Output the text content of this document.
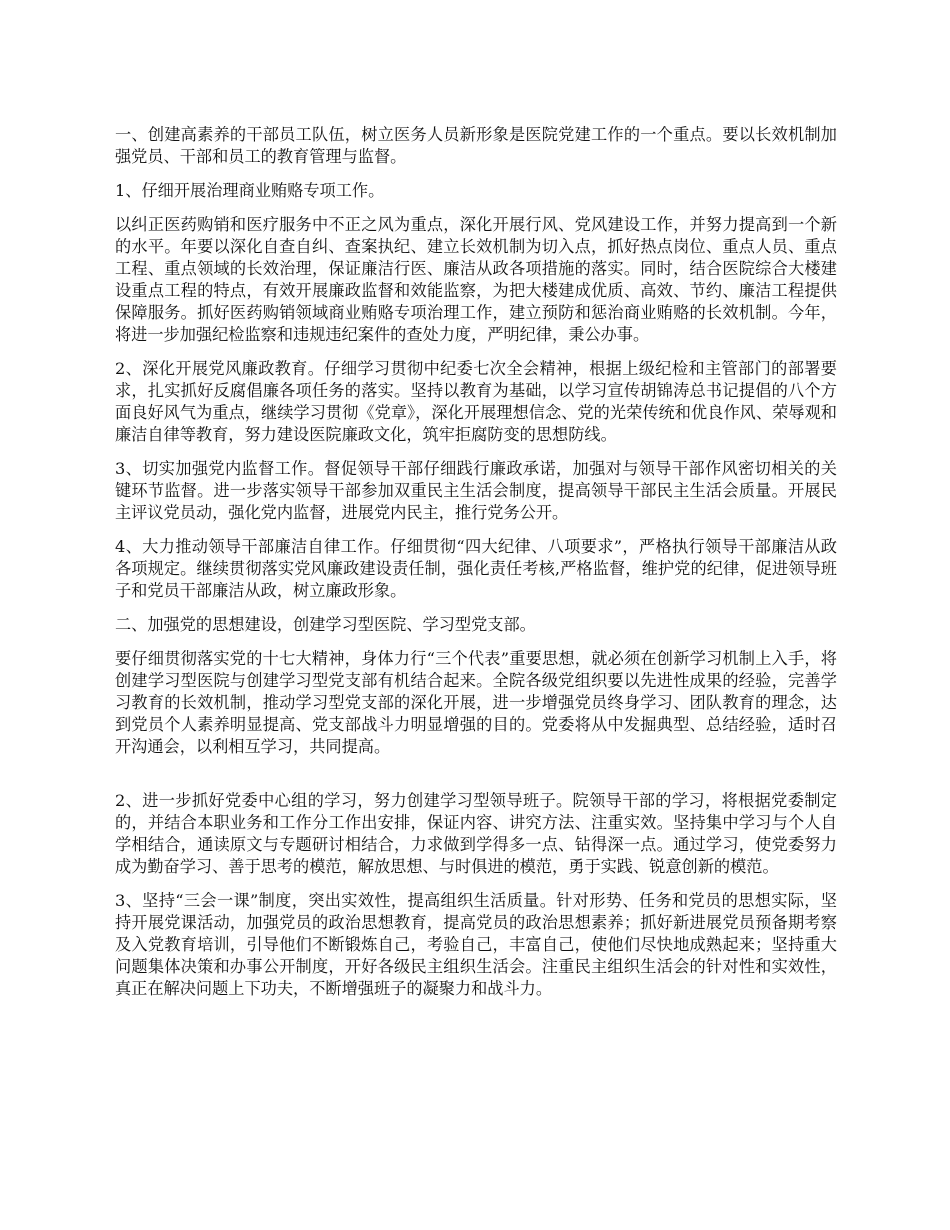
一、创建高素养的干部员工队伍，树立医务人员新形象是医院党建工作的一个重点。要以长效机制加强党员、干部和员工的教育管理与监督。

1、仔细开展治理商业贿赂专项工作。

以纠正医药购销和医疗服务中不正之风为重点，深化开展行风、党风建设工作，并努力提高到一个新的水平。年要以深化自查自纠、查案执纪、建立长效机制为切入点，抓好热点岗位、重点人员、重点工程、重点领域的长效治理，保证廉洁行医、廉洁从政各项措施的落实。同时，结合医院综合大楼建设重点工程的特点，有效开展廉政监督和效能监察，为把大楼建成优质、高效、节约、廉洁工程提供保障服务。抓好医药购销领域商业贿赂专项治理工作，建立预防和惩治商业贿赂的长效机制。今年，将进一步加强纪检监察和违规违纪案件的查处力度，严明纪律，秉公办事。

2、深化开展党风廉政教育。仔细学习贯彻中纪委七次全会精神，根据上级纪检和主管部门的部署要求，扎实抓好反腐倡廉各项任务的落实。坚持以教育为基础，以学习宣传胡锦涛总书记提倡的八个方面良好风气为重点，继续学习贯彻《党章》，深化开展理想信念、党的光荣传统和优良作风、荣辱观和廉洁自律等教育，努力建设医院廉政文化，筑牢拒腐防变的思想防线。

3、切实加强党内监督工作。督促领导干部仔细践行廉政承诺，加强对与领导干部作风密切相关的关键环节监督。进一步落实领导干部参加双重民主生活会制度，提高领导干部民主生活会质量。开展民主评议党员动，强化党内监督，进展党内民主，推行党务公开。

4、大力推动领导干部廉洁自律工作。仔细贯彻“四大纪律、八项要求”，严格执行领导干部廉洁从政各项规定。继续贯彻落实党风廉政建设责任制，强化责任考核,严格监督，维护党的纪律，促进领导班子和党员干部廉洁从政，树立廉政形象。

二、加强党的思想建设，创建学习型医院、学习型党支部。

要仔细贯彻落实党的十七大精神，身体力行“三个代表”重要思想，就必须在创新学习机制上入手，将创建学习型医院与创建学习型党支部有机结合起来。全院各级党组织要以先进性成果的经验，完善学习教育的长效机制，推动学习型党支部的深化开展，进一步增强党员终身学习、团队教育的理念，达到党员个人素养明显提高、党支部战斗力明显增强的目的。党委将从中发掘典型、总结经验，适时召开沟通会，以利相互学习，共同提高。

2、进一步抓好党委中心组的学习，努力创建学习型领导班子。院领导干部的学习，将根据党委制定的，并结合本职业务和工作分工作出安排，保证内容、讲究方法、注重实效。坚持集中学习与个人自学相结合，通读原文与专题研讨相结合，力求做到学得多一点、钻得深一点。通过学习，使党委努力成为勤奋学习、善于思考的模范，解放思想、与时俱进的模范，勇于实践、锐意创新的模范。

3、坚持“三会一课”制度，突出实效性，提高组织生活质量。针对形势、任务和党员的思想实际，坚持开展党课活动，加强党员的政治思想教育，提高党员的政治思想素养；抓好新进展党员预备期考察及入党教育培训，引导他们不断锻炼自己，考验自己，丰富自己，使他们尽快地成熟起来；坚持重大问题集体决策和办事公开制度，开好各级民主组织生活会。注重民主组织生活会的针对性和实效性，真正在解决问题上下功夫，不断增强班子的凝聚力和战斗力。
